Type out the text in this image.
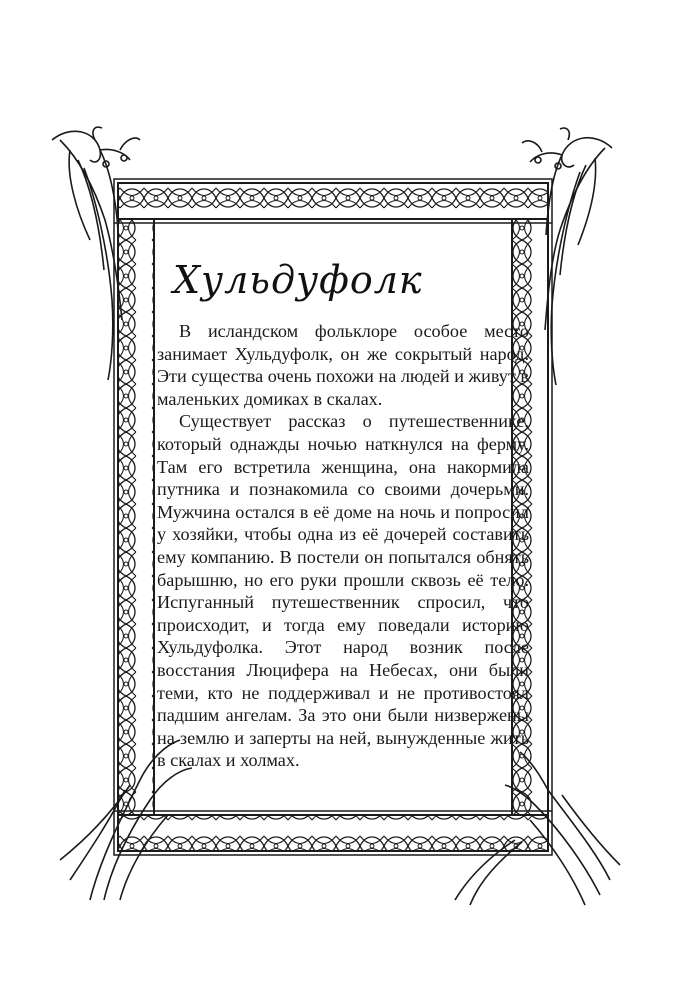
Хульдуфолк

В исландском фольклоре особое место занимает Хульдуфолк, он же сокрытый народ. Эти существа очень похожи на людей и живут в маленьких домиках в скалах.

Существует рассказ о путешественнике, который однажды ночью наткнулся на ферму. Там его встретила женщина, она накормила путника и познакомила со своими дочерьми. Мужчина остался в её доме на ночь и попросил у хозяйки, чтобы одна из её дочерей составить ему компанию. В постели он попытался обнять барышню, но его руки прошли сквозь её тело. Испуганный путешественник спросил, что происходит, и тогда ему поведали историю Хульдуфолка. Этот народ возник после восстания Люцифера на Небесах, они были теми, кто не поддерживал и не противостоял падшим ангелам. За это они были низвержены на землю и заперты на ней, вынужденные жить в скалах и холмах.
